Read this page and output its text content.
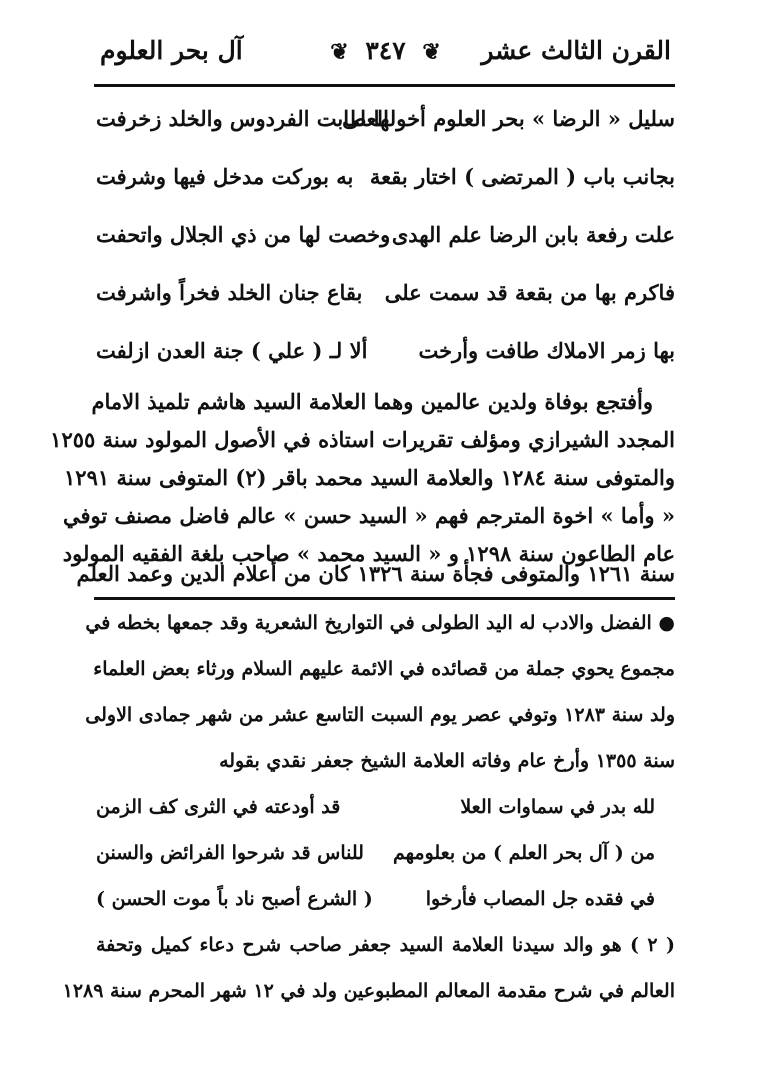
القرن الثالث عشر
❦ ٣٤٧ ❦
آل بحر العلوم
سليل « الرضا » بحر العلوم أخو العلى
لها طابت الفردوس والخلد زخرفت
بجانب باب ( المرتضى ) اختار بقعة
به بوركت مدخل فيها وشرفت
علت رفعة بابن الرضا علم الهدى
وخصت لها من ذي الجلال واتحفت
فاكرم بها من بقعة قد سمت على
بقاع جنان الخلد فخراً واشرفت
بها زمر الاملاك طافت وأرخت
ألا لـ ( علي ) جنة العدن ازلفت
وأفتجع بوفاة ولدين عالمين وهما العلامة السيد هاشم تلميذ الامام
المجدد الشيرازي ومؤلف تقريرات استاذه في الأصول المولود سنة ١٢٥٥
والمتوفى سنة ١٢٨٤ والعلامة السيد محمد باقر (٢) المتوفى سنة ١٢٩١
« وأما » اخوة المترجم فهم « السيد حسن » عالم فاضل مصنف توفي
عام الطاعون سنة ١٢٩٨ و « السيد محمد » صاحب بلغة الفقيه المولود
● الفضل والادب له اليد الطولى في التواريخ الشعرية وقد جمعها بخطه في
مجموع يحوي جملة من قصائده في الائمة عليهم السلام ورثاء بعض العلماء
ولد سنة ١٢٨٣ وتوفي عصر يوم السبت التاسع عشر من شهر جمادى الاولى
سنة ١٣٥٥ وأرخ عام وفاته العلامة الشيخ جعفر نقدي بقوله
لله بدر في سماوات العلا
قد أودعته في الثرى كف الزمن
من ( آل بحر العلم ) من بعلومهم
للناس قد شرحوا الفرائض والسنن
في فقده جل المصاب فأرخوا
( الشرع أصبح ناد باً موت الحسن )
( ٢ ) هو والد سيدنا العلامة السيد جعفر صاحب شرح دعاء كميل وتحفة
العالم في شرح مقدمة المعالم المطبوعين ولد في ١٢ شهر المحرم سنة ١٢٨٩
سنة ١٢٦١ والمتوفى فجأة سنة ١٣٢٦ كان من أعلام الدين وعمد العلم
